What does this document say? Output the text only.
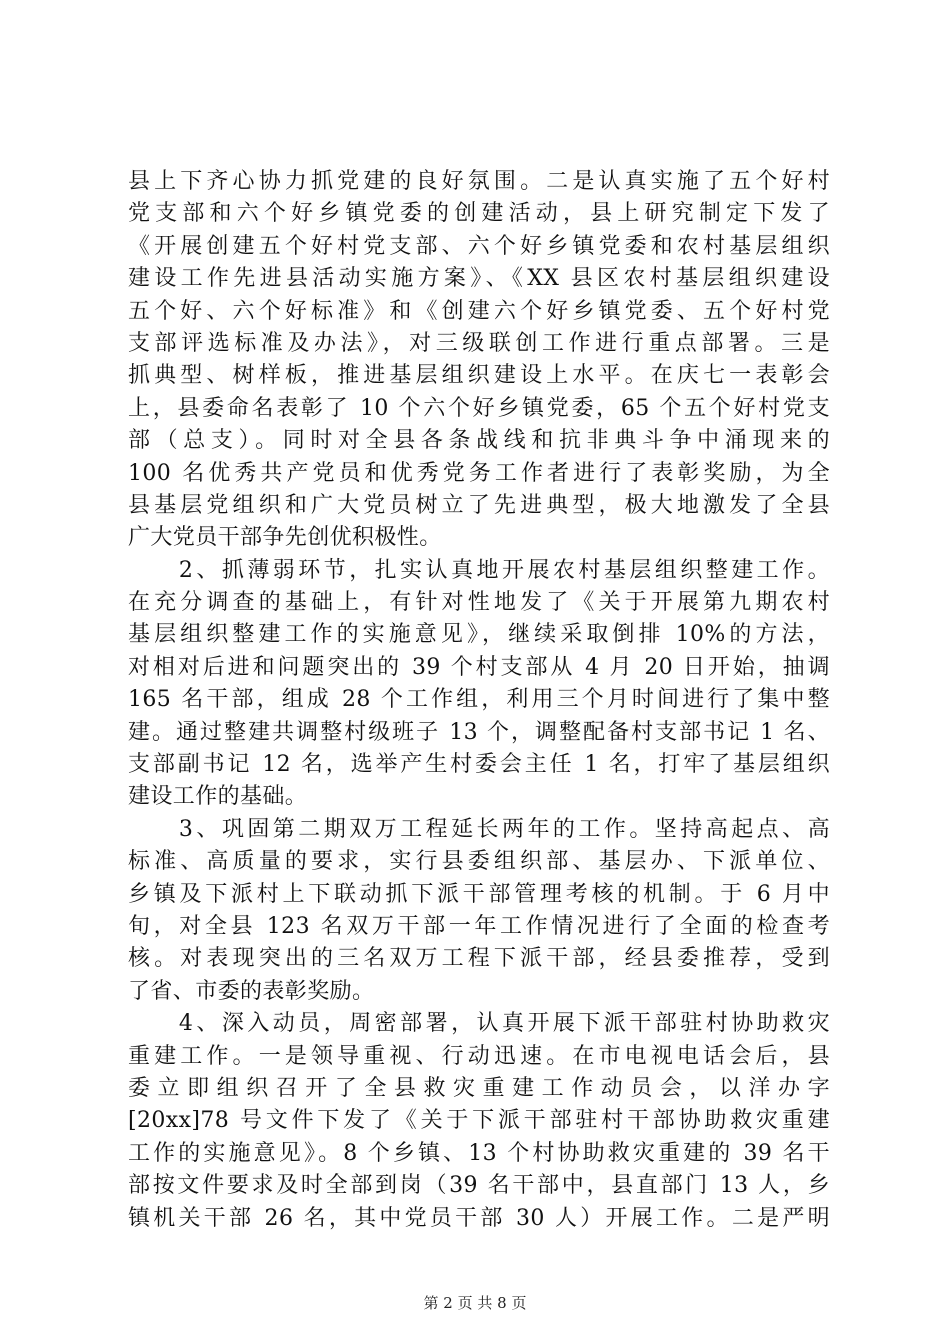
县上下齐心协力抓党建的良好氛围。二是认真实施了五个好村
党支部和六个好乡镇党委的创建活动，县上研究制定下发了
《开展创建五个好村党支部、六个好乡镇党委和农村基层组织
建设工作先进县活动实施方案》、《XX 县区农村基层组织建设
五个好、六个好标准》和《创建六个好乡镇党委、五个好村党
支部评选标准及办法》，对三级联创工作进行重点部署。三是
抓典型、树样板，推进基层组织建设上水平。在庆七一表彰会
上，县委命名表彰了 10 个六个好乡镇党委，65 个五个好村党支
部（总支）。同时对全县各条战线和抗非典斗争中涌现来的
100 名优秀共产党员和优秀党务工作者进行了表彰奖励，为全
县基层党组织和广大党员树立了先进典型，极大地激发了全县
广大党员干部争先创优积极性。
　　2、抓薄弱环节，扎实认真地开展农村基层组织整建工作。
在充分调查的基础上，有针对性地发了《关于开展第九期农村
基层组织整建工作的实施意见》，继续采取倒排 10%的方法，
对相对后进和问题突出的 39 个村支部从 4 月 20 日开始，抽调
165 名干部，组成 28 个工作组，利用三个月时间进行了集中整
建。通过整建共调整村级班子 13 个，调整配备村支部书记 1 名、
支部副书记 12 名，选举产生村委会主任 1 名，打牢了基层组织
建设工作的基础。
　　3、巩固第二期双万工程延长两年的工作。坚持高起点、高
标准、高质量的要求，实行县委组织部、基层办、下派单位、
乡镇及下派村上下联动抓下派干部管理考核的机制。于 6 月中
旬，对全县 123 名双万干部一年工作情况进行了全面的检查考
核。对表现突出的三名双万工程下派干部，经县委推荐，受到
了省、市委的表彰奖励。
　　4、深入动员，周密部署，认真开展下派干部驻村协助救灾
重建工作。一是领导重视、行动迅速。在市电视电话会后，县
委立即组织召开了全县救灾重建工作动员会，以洋办字
[20xx]78 号文件下发了《关于下派干部驻村干部协助救灾重建
工作的实施意见》。8 个乡镇、13 个村协助救灾重建的 39 名干
部按文件要求及时全部到岗（39 名干部中，县直部门 13 人，乡
镇机关干部 26 名，其中党员干部 30 人）开展工作。二是严明
第 2 页 共 8 页
